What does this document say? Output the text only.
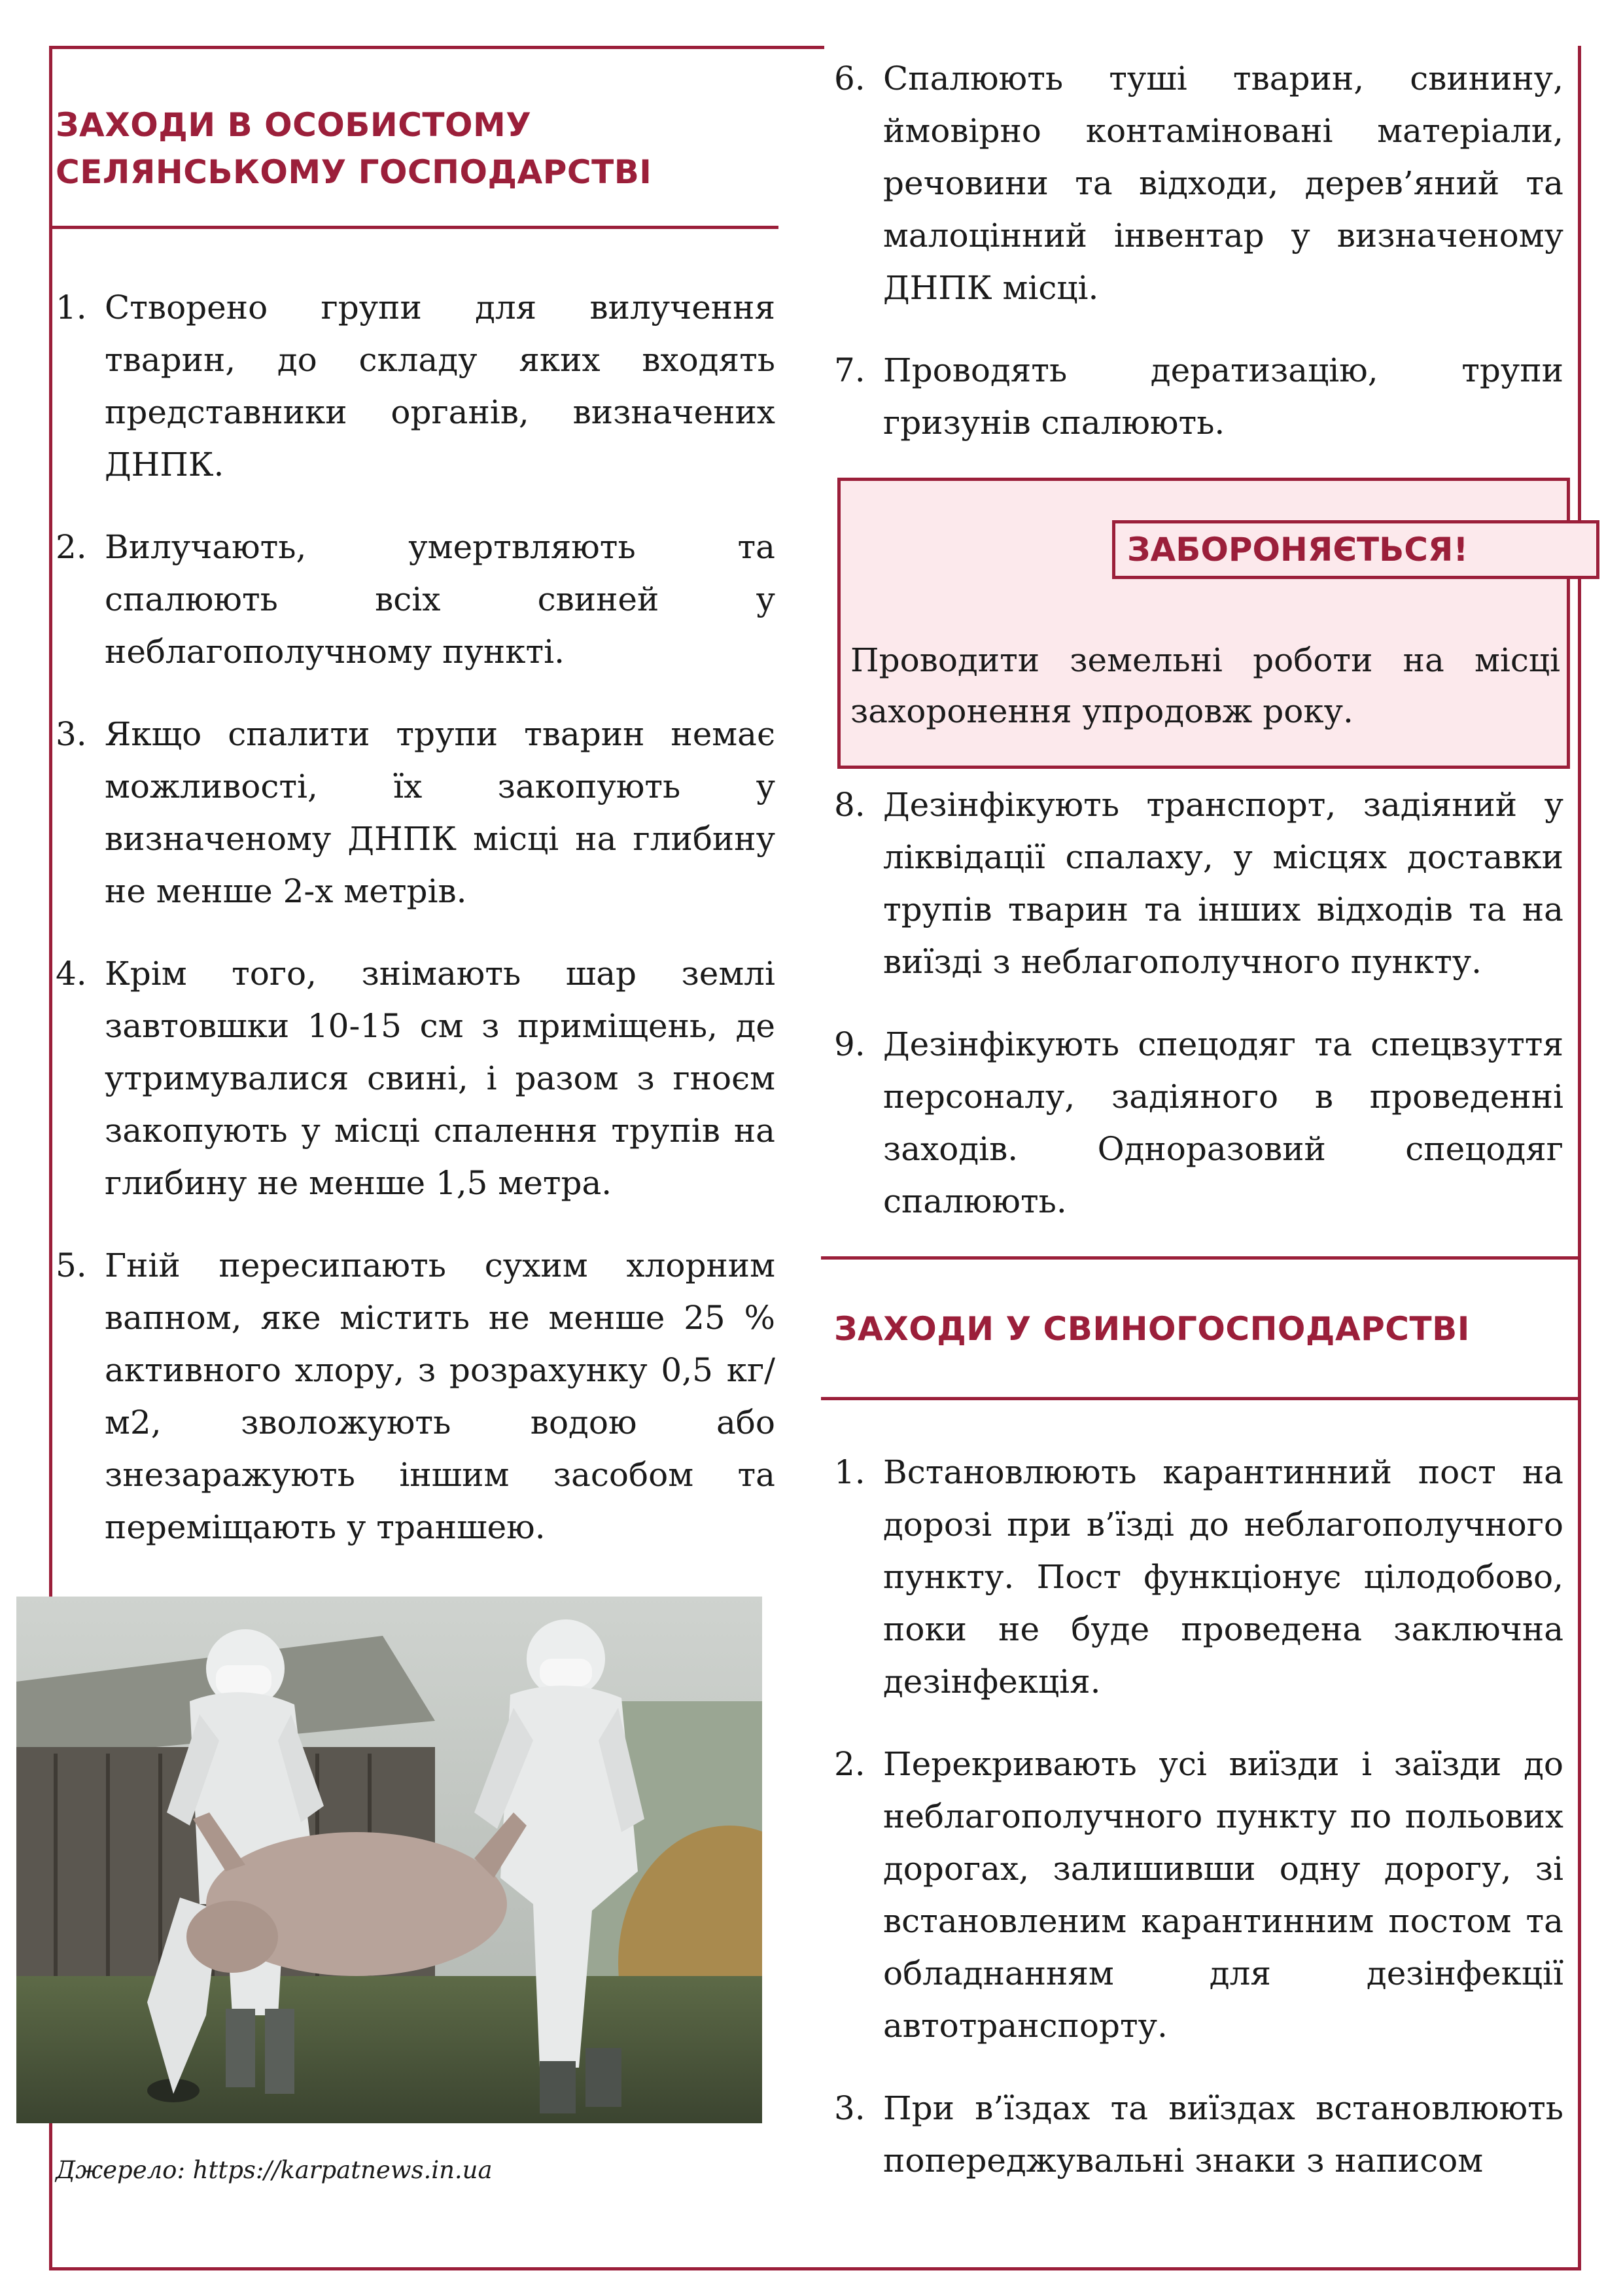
ЗАХОДИ В ОСОБИСТОМУ
СЕЛЯНСЬКОМУ ГОСПОДАРСТВІ
1. Створено групи для вилучення тварин, до складу яких входять представники органів, визначених ДНПК.
2. Вилучають, умертвляють та спалюють всіх свиней у неблагополучному пункті.
3. Якщо спалити трупи тварин немає можливості, їх закопують у визначеному ДНПК місці на глибину не менше 2-х метрів.
4. Крім того, знімають шар землі завтовшки 10-15 см з приміщень, де утримувалися свині, і разом з гноєм закопують у місці спалення трупів на глибину не менше 1,5 метра.
5. Гній пересипають сухим хлорним вапном, яке містить не менше 25 % активного хлору, з розрахунку 0,5 кг/м2, зволожують водою або знезаражують іншим засобом та переміщають у траншею.
Джерело: https://karpatnews.in.ua
6. Спалюють туші тварин, свинину, ймовірно контаміновані матеріали, речовини та відходи, дерев’яний та малоцінний інвентар у визначеному ДНПК місці.
7. Проводять дератизацію, трупи гризунів спалюють.
ЗАБОРОНЯЄТЬСЯ!
Проводити земельні роботи на місці захоронення упродовж року.
8. Дезінфікують транспорт, задіяний у ліквідації спалаху, у місцях доставки трупів тварин та інших відходів та на виїзді з неблагополучного пункту.
9. Дезінфікують спецодяг та спецвзуття персоналу, задіяного в проведенні заходів. Одноразовий спецодяг спалюють.
ЗАХОДИ У СВИНОГОСПОДАРСТВІ
1. Встановлюють карантинний пост на дорозі при в’їзді до неблагополучного пункту. Пост функціонує цілодобово, поки не буде проведена заключна дезінфекція.
2. Перекривають усі виїзди і заїзди до неблагополучного пункту по польових дорогах, залишивши одну дорогу, зі встановленим карантинним постом та обладнанням для дезінфекції автотранспорту.
3. При в’їздах та виїздах встановлюють попереджувальні знаки з написом
